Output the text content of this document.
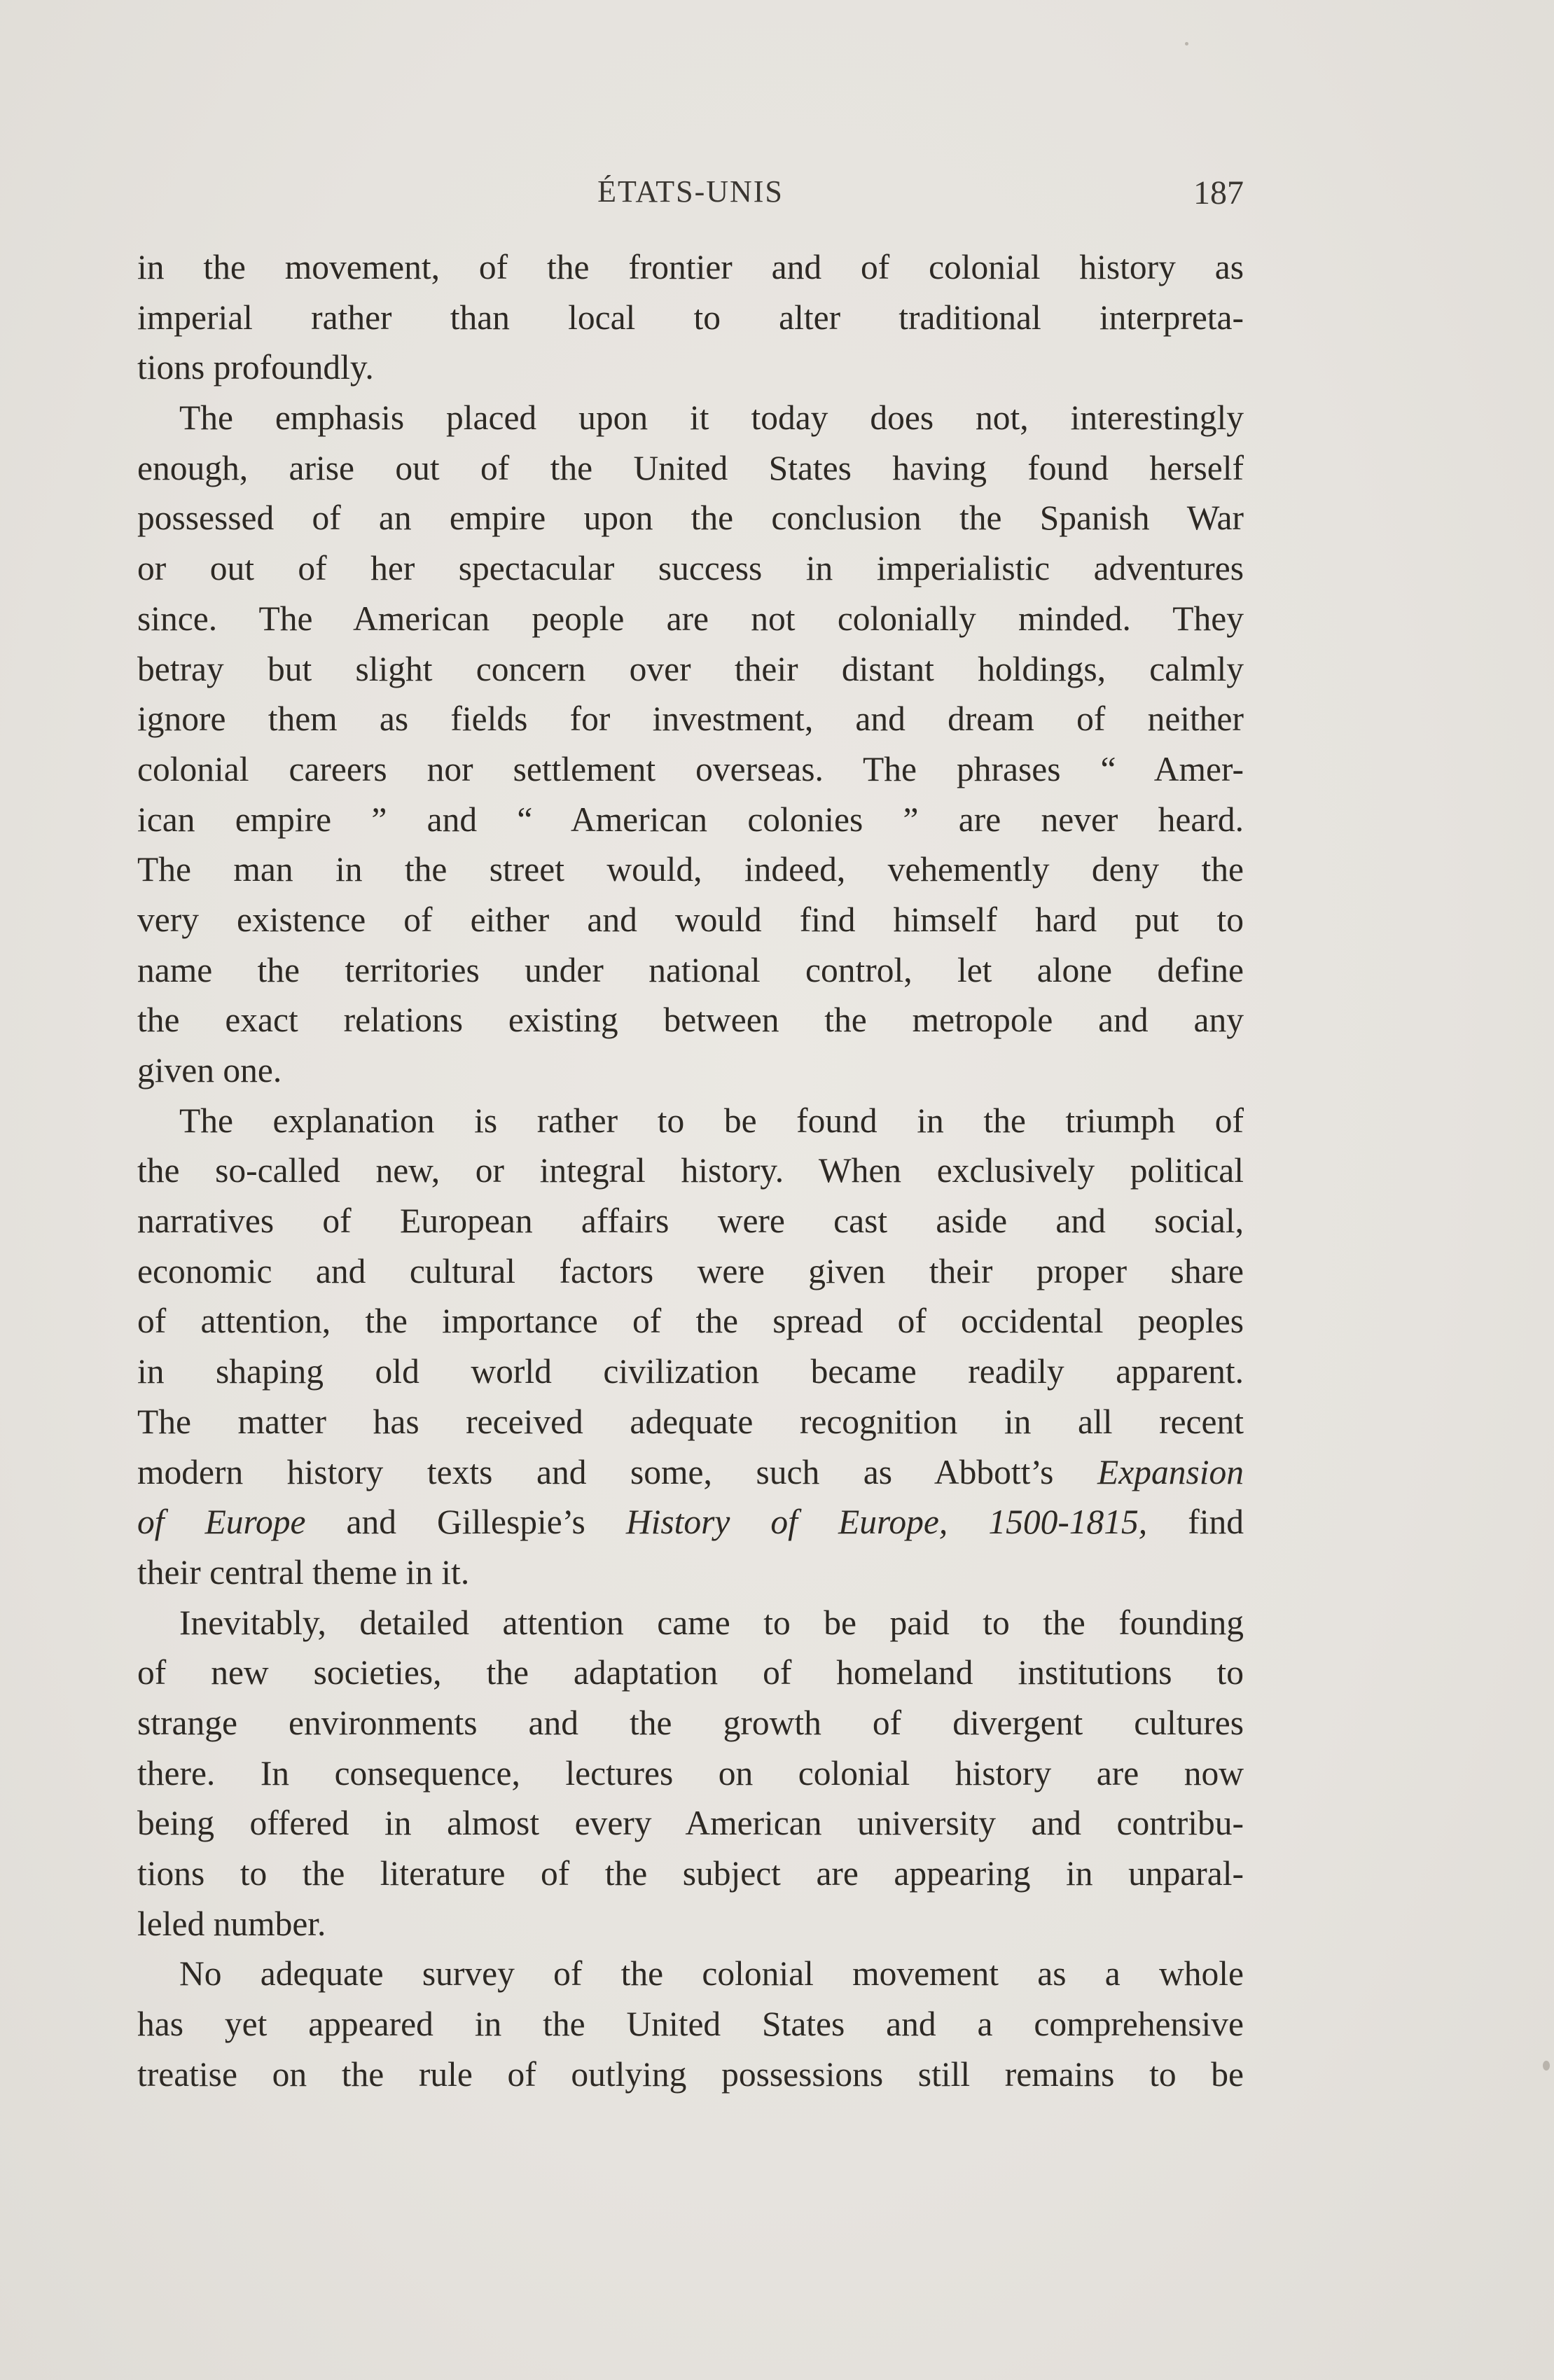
ÉTATS-UNIS	187
in the movement, of the frontier and of colonial history as
imperial rather than local to alter traditional interpreta-
tions profoundly.
The emphasis placed upon it today does not, interestingly
enough, arise out of the United States having found herself
possessed of an empire upon the conclusion the Spanish War
or out of her spectacular success in imperialistic adventures
since. The American people are not colonially minded. They
betray but slight concern over their distant holdings, calmly
ignore them as fields for investment, and dream of neither
colonial careers nor settlement overseas. The phrases “ Amer-
ican empire ” and “ American colonies ” are never heard.
The man in the street would, indeed, vehemently deny the
very existence of either and would find himself hard put to
name the territories under national control, let alone define
the exact relations existing between the metropole and any
given one.
The explanation is rather to be found in the triumph of
the so-called new, or integral history. When exclusively political
narratives of European affairs were cast aside and social,
economic and cultural factors were given their proper share
of attention, the importance of the spread of occidental peoples
in shaping old world civilization became readily apparent.
The matter has received adequate recognition in all recent
modern history texts and some, such as Abbott’s Expansion
of Europe and Gillespie’s History of Europe, 1500-1815, find
their central theme in it.
Inevitably, detailed attention came to be paid to the founding
of new societies, the adaptation of homeland institutions to
strange environments and the growth of divergent cultures
there. In consequence, lectures on colonial history are now
being offered in almost every American university and contribu-
tions to the literature of the subject are appearing in unparal-
leled number.
No adequate survey of the colonial movement as a whole
has yet appeared in the United States and a comprehensive
treatise on the rule of outlying possessions still remains to be
